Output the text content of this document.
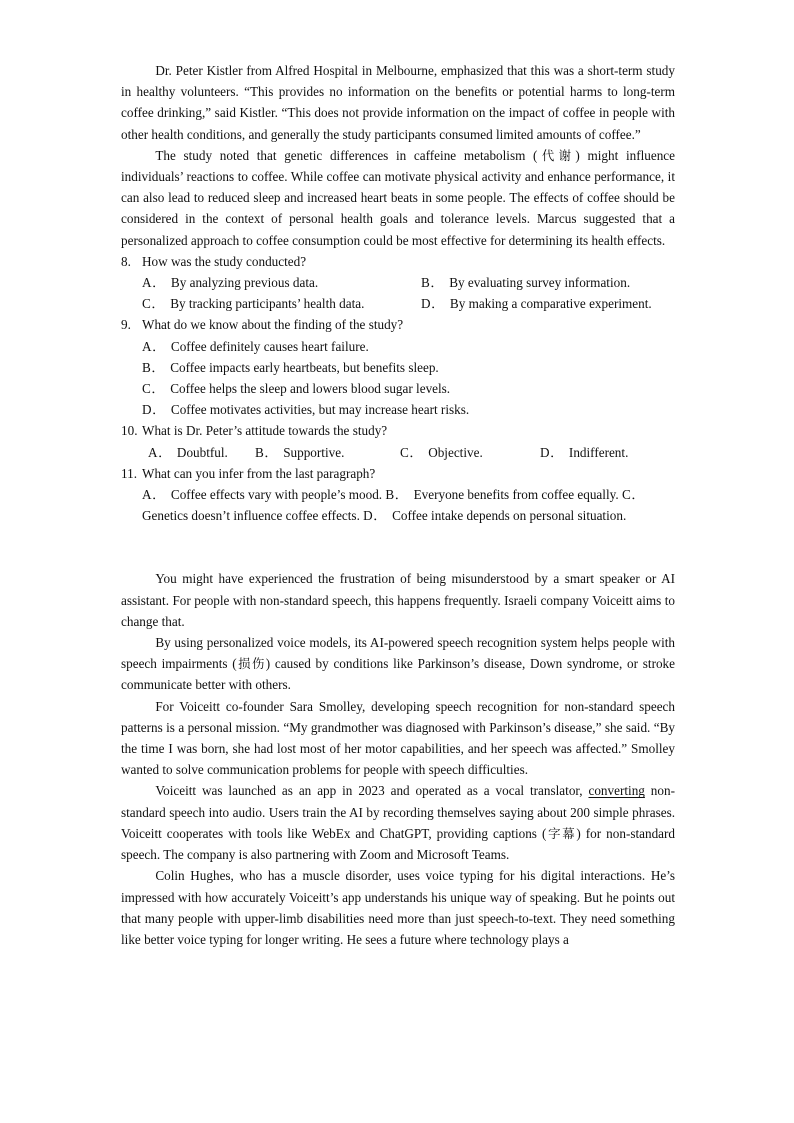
Dr. Peter Kistler from Alfred Hospital in Melbourne, emphasized that this was a short-term study in healthy volunteers. “This provides no information on the benefits or potential harms to long-term coffee drinking,” said Kistler. “This does not provide information on the impact of coffee in people with other health conditions, and generally the study participants consumed limited amounts of coffee.”

The study noted that genetic differences in caffeine metabolism (代谢) might influence individuals’ reactions to coffee. While coffee can motivate physical activity and enhance performance, it can also lead to reduced sleep and increased heart beats in some people. The effects of coffee should be considered in the context of personal health goals and tolerance levels. Marcus suggested that a personalized approach to coffee consumption could be most effective for determining its health effects.

8. How was the study conducted?
A． By analyzing previous data.	B． By evaluating survey information.
C． By tracking participants’ health data.	D． By making a comparative experiment.
9. What do we know about the finding of the study?
A． Coffee definitely causes heart failure.
B． Coffee impacts early heartbeats, but benefits sleep.
C． Coffee helps the sleep and lowers blood sugar levels.
D． Coffee motivates activities, but may increase heart risks.
10. What is Dr. Peter’s attitude towards the study?
A． Doubtful. B． Supportive.	C． Objective.	D． Indifferent.
11. What can you infer from the last paragraph?
A． Coffee effects vary with people’s mood. B． Everyone benefits from coffee equally. C．Genetics doesn’t influence coffee effects. D． Coffee intake depends on personal situation.

You might have experienced the frustration of being misunderstood by a smart speaker or AI assistant. For people with non-standard speech, this happens frequently. Israeli company Voiceitt aims to change that.

By using personalized voice models, its AI-powered speech recognition system helps people with speech impairments (损伤) caused by conditions like Parkinson’s disease, Down syndrome, or stroke communicate better with others.

For Voiceitt co-founder Sara Smolley, developing speech recognition for non-standard speech patterns is a personal mission. “My grandmother was diagnosed with Parkinson’s disease,” she said. “By the time I was born, she had lost most of her motor capabilities, and her speech was affected.” Smolley wanted to solve communication problems for people with speech difficulties.

Voiceitt was launched as an app in 2023 and operated as a vocal translator, converting non-standard speech into audio. Users train the AI by recording themselves saying about 200 simple phrases. Voiceitt cooperates with tools like WebEx and ChatGPT, providing captions (字幕) for non-standard speech. The company is also partnering with Zoom and Microsoft Teams.

Colin Hughes, who has a muscle disorder, uses voice typing for his digital interactions. He’s impressed with how accurately Voiceitt’s app understands his unique way of speaking. But he points out that many people with upper-limb disabilities need more than just speech-to-text. They need something like better voice typing for longer writing. He sees a future where technology plays a
